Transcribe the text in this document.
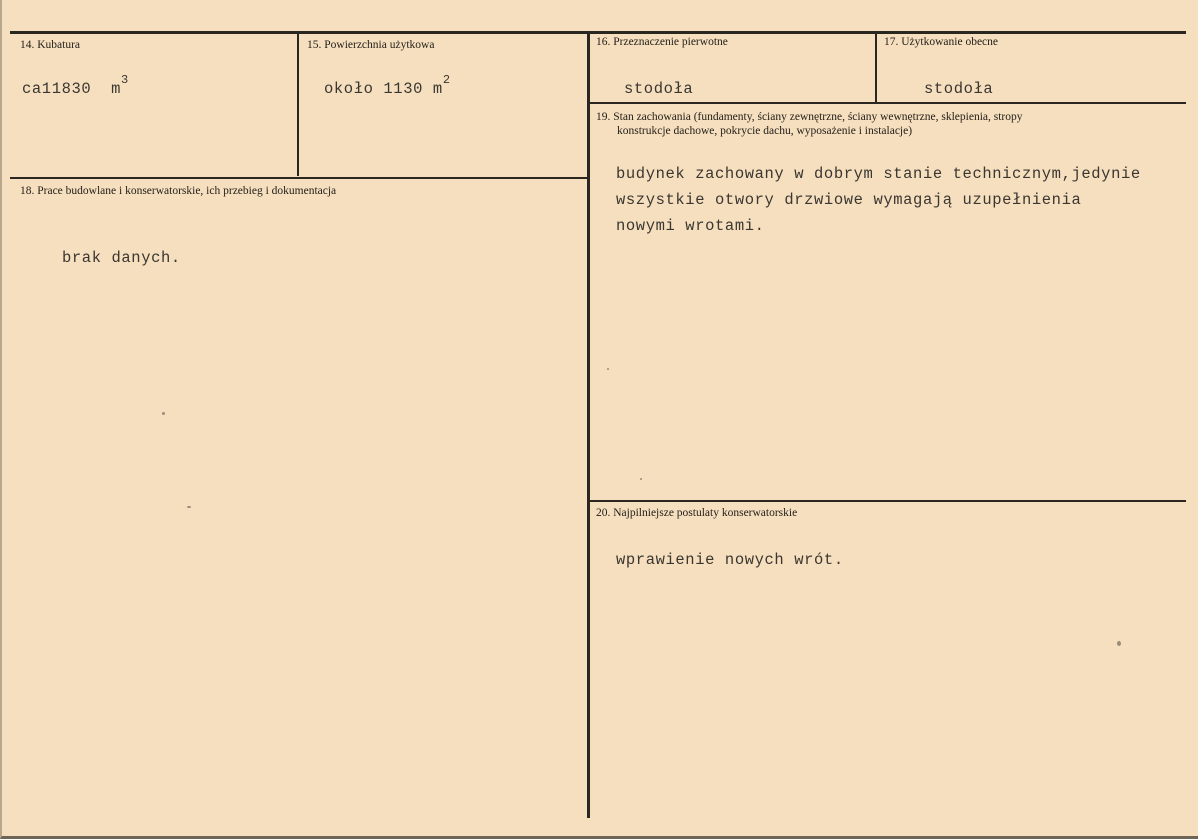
14. Kubatura
ca11830 $m^3$
15. Powierzchnia użytkowa
około 1130 $m^2$
16. Przeznaczenie pierwotne
stodoła
17. Użytkowanie obecne
stodoła
19. Stan zachowania (fundamenty, ściany zewnętrzne, ściany wewnętrzne, sklepienia, stropy
konstrukcje dachowe, pokrycie dachu, wyposażenie i instalacje)
budynek zachowany w dobrym stanie technicznym,jedynie
wszystkie otwory drzwiowe wymagają uzupełnienia
nowymi wrotami.
18. Prace budowlane i konserwatorskie, ich przebieg i dokumentacja
brak danych.
20. Najpilniejsze postulaty konserwatorskie
wprawienie nowych wrót.
